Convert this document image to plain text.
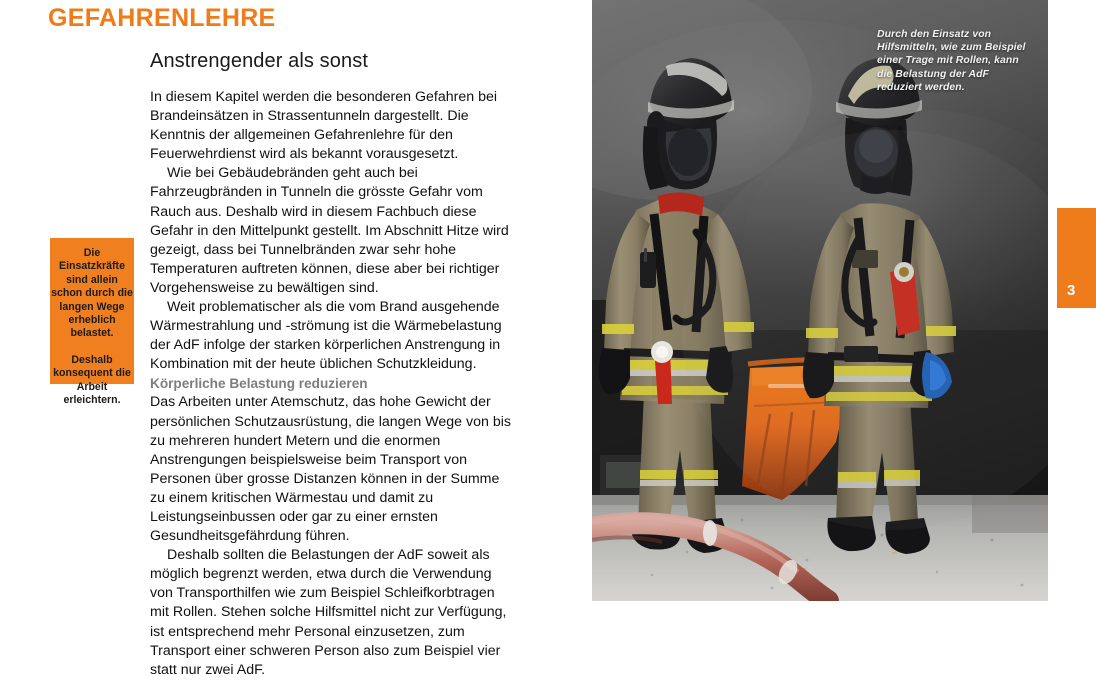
GEFAHRENLEHRE
Anstrengender als sonst

In diesem Kapitel werden die besonderen Gefahren bei Brandeinsätzen in Strassentunneln dargestellt. Die Kenntnis der allgemeinen Gefahrenlehre für den Feuerwehrdienst wird als bekannt vorausgesetzt.

Wie bei Gebäudebränden geht auch bei Fahrzeugbränden in Tunneln die grösste Gefahr vom Rauch aus. Deshalb wird in diesem Fachbuch diese Gefahr in den Mittelpunkt gestellt. Im Abschnitt Hitze wird gezeigt, dass bei Tunnelbränden zwar sehr hohe Temperaturen auftreten können, diese aber bei richtiger Vorgehensweise zu bewältigen sind.

Weit problematischer als die vom Brand ausgehende Wärmestrahlung und -strömung ist die Wärmebelastung der AdF infolge der starken körperlichen Anstrengung in Kombination mit der heute üblichen Schutzkleidung.

Körperliche Belastung reduzieren

Das Arbeiten unter Atemschutz, das hohe Gewicht der persönlichen Schutzausrüstung, die langen Wege von bis zu mehreren hundert Metern und die enormen Anstrengungen beispielsweise beim Transport von Personen über grosse Distanzen können in der Summe zu einem kritischen Wärmestau und damit zu Leistungseinbussen oder gar zu einer ernsten Gesundheitsgefährdung führen.

Deshalb sollten die Belastungen der AdF soweit als möglich begrenzt werden, etwa durch die Verwendung von Transporthilfen wie zum Beispiel Schleifkorbtragen mit Rollen. Stehen solche Hilfsmittel nicht zur Verfügung, ist entsprechend mehr Personal einzusetzen, zum Transport einer schweren Person also zum Beispiel vier statt nur zwei AdF.

Die Einsatzkräfte sind allein schon durch die langen Wege erheblich belastet.
Deshalb konsequent die Arbeit erleichtern.
Durch den Einsatz von Hilfsmitteln, wie zum Beispiel einer Trage mit Rollen, kann die Belastung der AdF reduziert werden.
3
